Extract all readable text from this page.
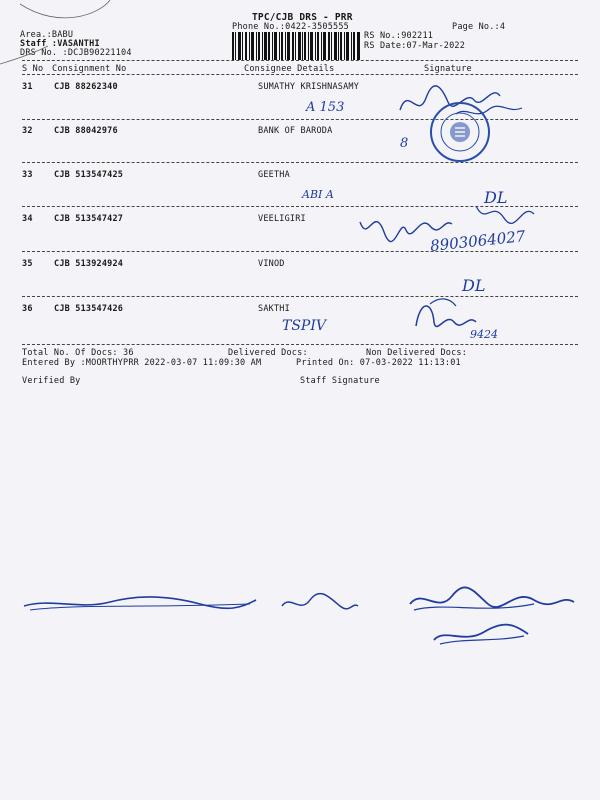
TPC/CJB DRS - PRR
Phone No.:0422-3505555	Page No.:4
Area.:BABU
Staff :VASANTHI
DRS No. :DCJB90221104
RS No.:902211
RS Date:07-Mar-2022
S No Consignment No	Consignee Details	Signature
31	CJB 88262340	SUMATHY KRISHNASAMY
32	CJB 88042976	BANK OF BARODA
33	CJB 513547425	GEETHA
34	CJB 513547427	VEELIGIRI
35	CJB 513924924	VINOD
36	CJB 513547426	SAKTHI
Total No. Of Docs: 36	Delivered Docs:	Non Delivered Docs:
Entered By :MOORTHYPRR 2022-03-07 11:09:30 AM	Printed On: 07-03-2022 11:13:01
Verified By	Staff Signature
A 153
8
ABI A	DL
8903064027
DL
TSPIV
9424
